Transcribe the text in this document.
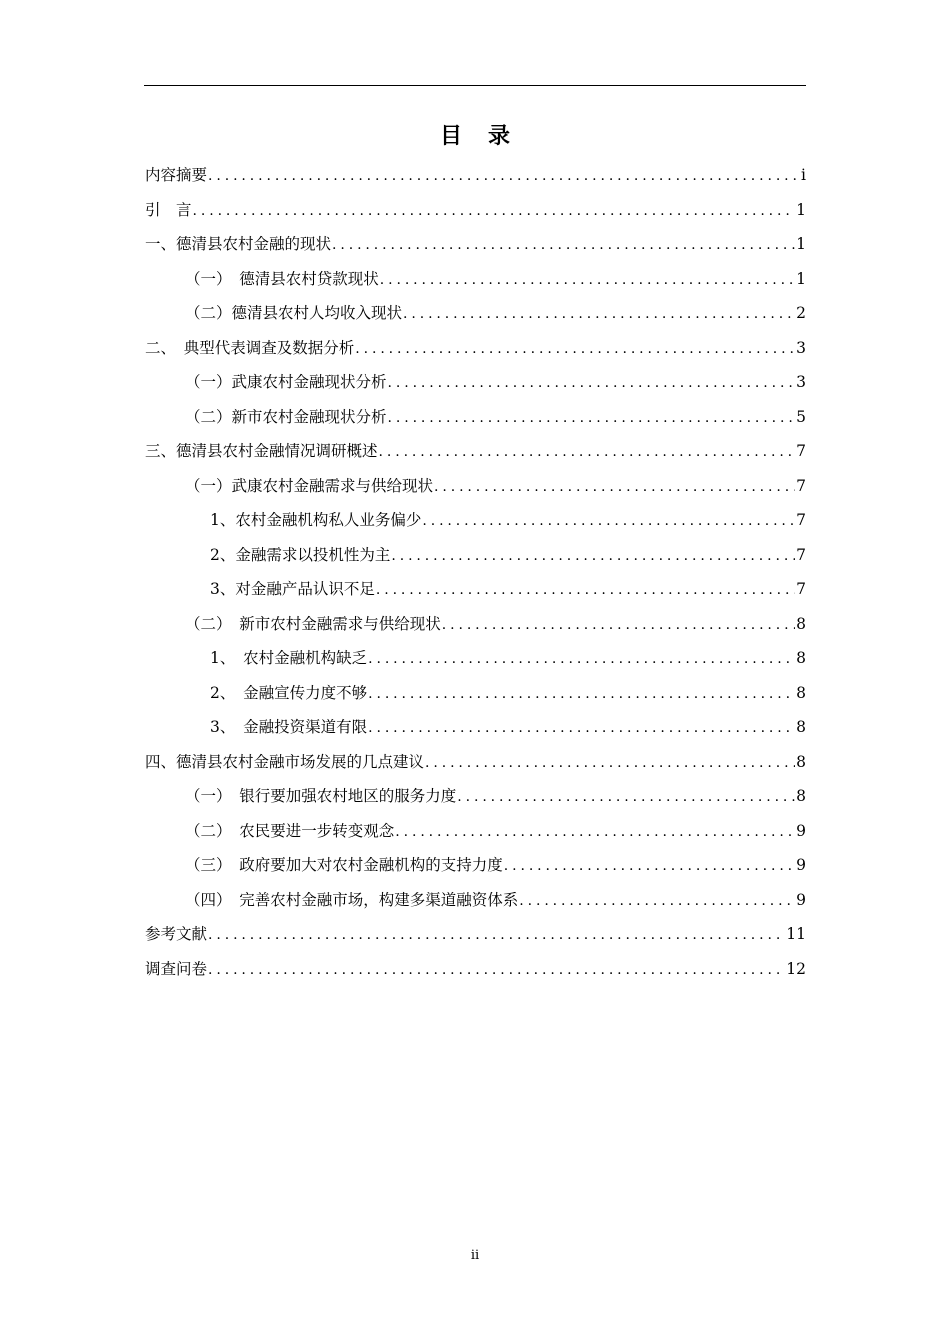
目录
内容摘要 .....	i
引　言 .....	1
一、德清县农村金融的现状 .....	1
（一）　德清县农村贷款现状 .....	1
（二）德清县农村人均收入现状 .....	2
二、　典型代表调查及数据分析 .....	3
（一）武康农村金融现状分析 .....	3
（二）新市农村金融现状分析 .....	5
三、德清县农村金融情况调研概述 .....	7
（一）武康农村金融需求与供给现状 .....	7
1、农村金融机构私人业务偏少 .....	7
2、金融需求以投机性为主 .....	7
3、对金融产品认识不足 .....	7
（二）　新市农村金融需求与供给现状 .....	8
1、　农村金融机构缺乏 .....	8
2、　金融宣传力度不够 .....	8
3、　金融投资渠道有限 .....	8
四、德清县农村金融市场发展的几点建议 .....	8
（一）　银行要加强农村地区的服务力度 .....	8
（二）　农民要进一步转变观念 .....	9
（三）　政府要加大对农村金融机构的支持力度 .....	9
（四）　完善农村金融市场，构建多渠道融资体系 .....	9
参考文献 .....	11
调查问卷 .....	12
ii
